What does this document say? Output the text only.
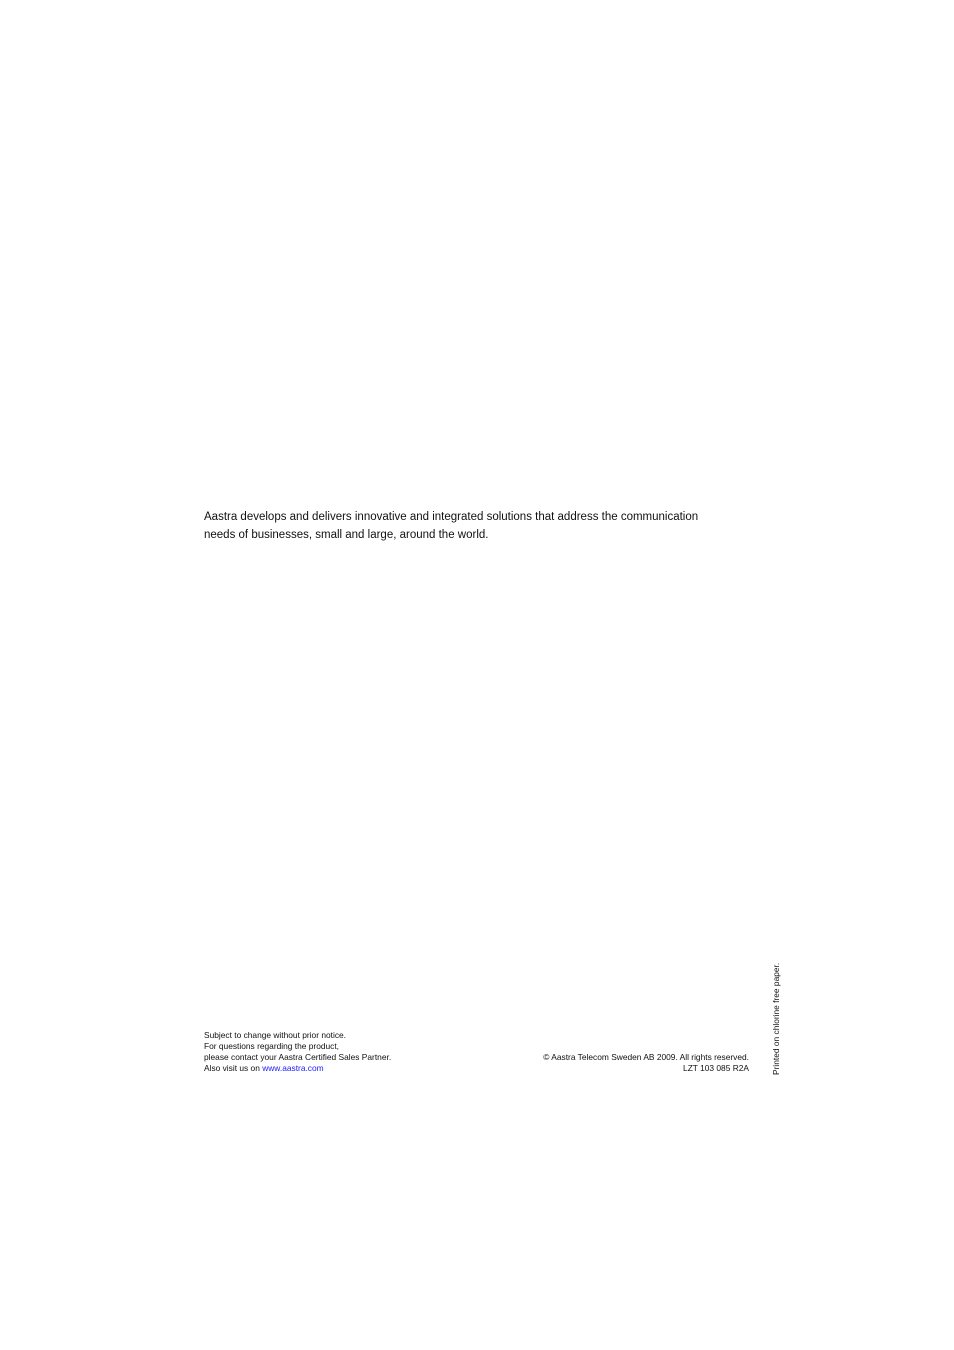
Aastra develops and delivers innovative and integrated solutions that address the communication
needs of businesses, small and large, around the world.

Subject to change without prior notice.
For questions regarding the product,
please contact your Aastra Certified Sales Partner.
Also visit us on www.aastra.com
© Aastra Telecom Sweden AB 2009. All rights reserved.
LZT 103 085 R2A	Printed on chlorine free paper.
